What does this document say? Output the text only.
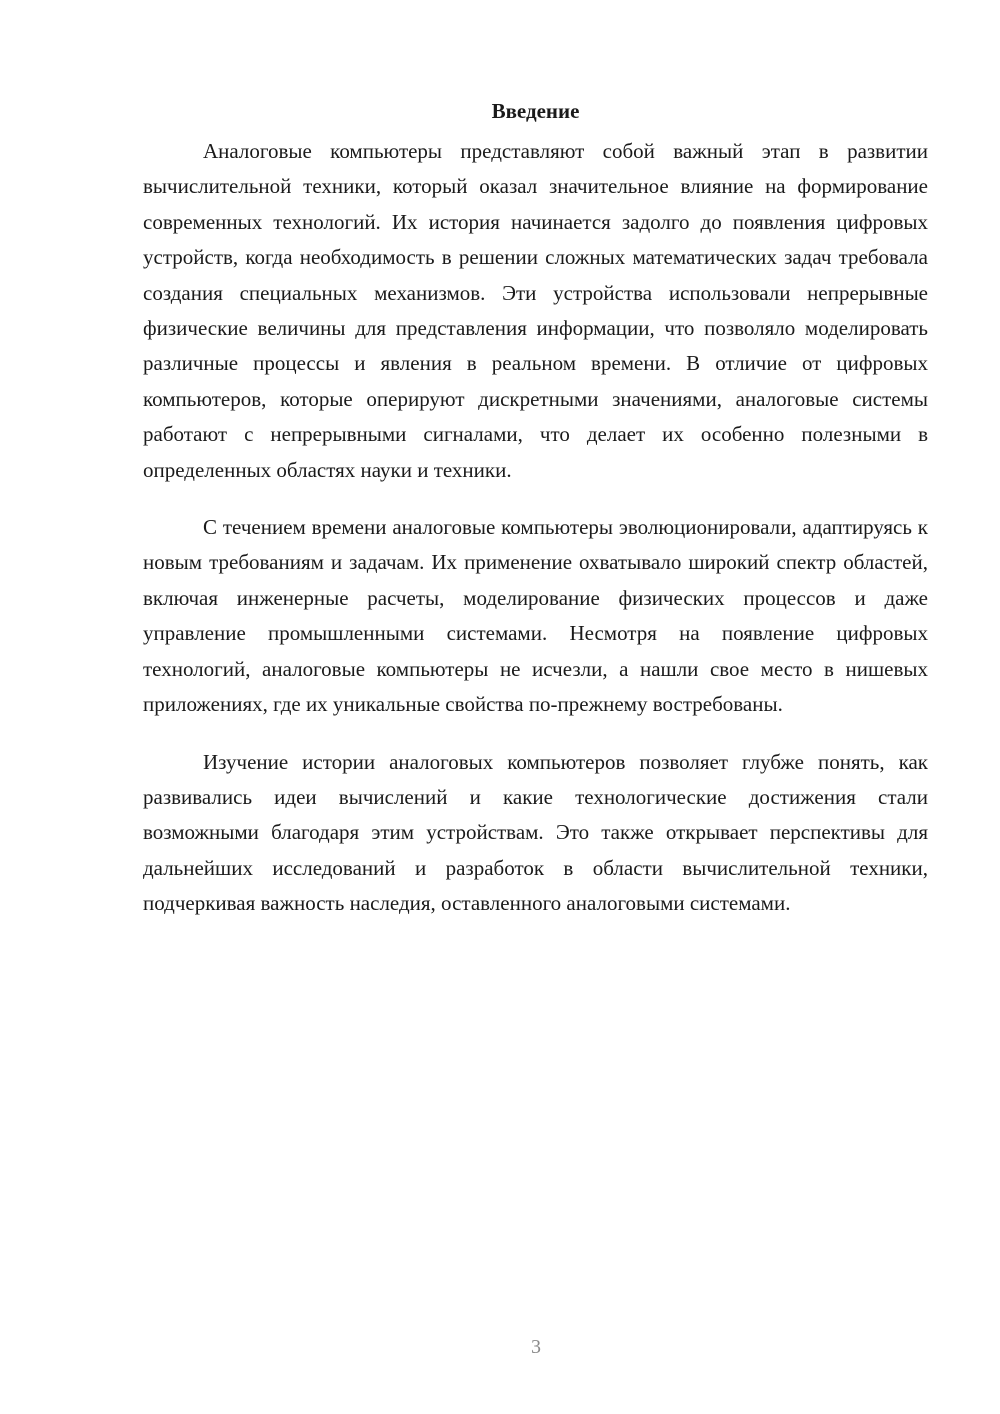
Введение

Аналоговые компьютеры представляют собой важный этап в развитии вычислительной техники, который оказал значительное влияние на формирование современных технологий. Их история начинается задолго до появления цифровых устройств, когда необходимость в решении сложных математических задач требовала создания специальных механизмов. Эти устройства использовали непрерывные физические величины для представления информации, что позволяло моделировать различные процессы и явления в реальном времени. В отличие от цифровых компьютеров, которые оперируют дискретными значениями, аналоговые системы работают с непрерывными сигналами, что делает их особенно полезными в определенных областях науки и техники.

С течением времени аналоговые компьютеры эволюционировали, адаптируясь к новым требованиям и задачам. Их применение охватывало широкий спектр областей, включая инженерные расчеты, моделирование физических процессов и даже управление промышленными системами. Несмотря на появление цифровых технологий, аналоговые компьютеры не исчезли, а нашли свое место в нишевых приложениях, где их уникальные свойства по-прежнему востребованы.

Изучение истории аналоговых компьютеров позволяет глубже понять, как развивались идеи вычислений и какие технологические достижения стали возможными благодаря этим устройствам. Это также открывает перспективы для дальнейших исследований и разработок в области вычислительной техники, подчеркивая важность наследия, оставленного аналоговыми системами.

3
